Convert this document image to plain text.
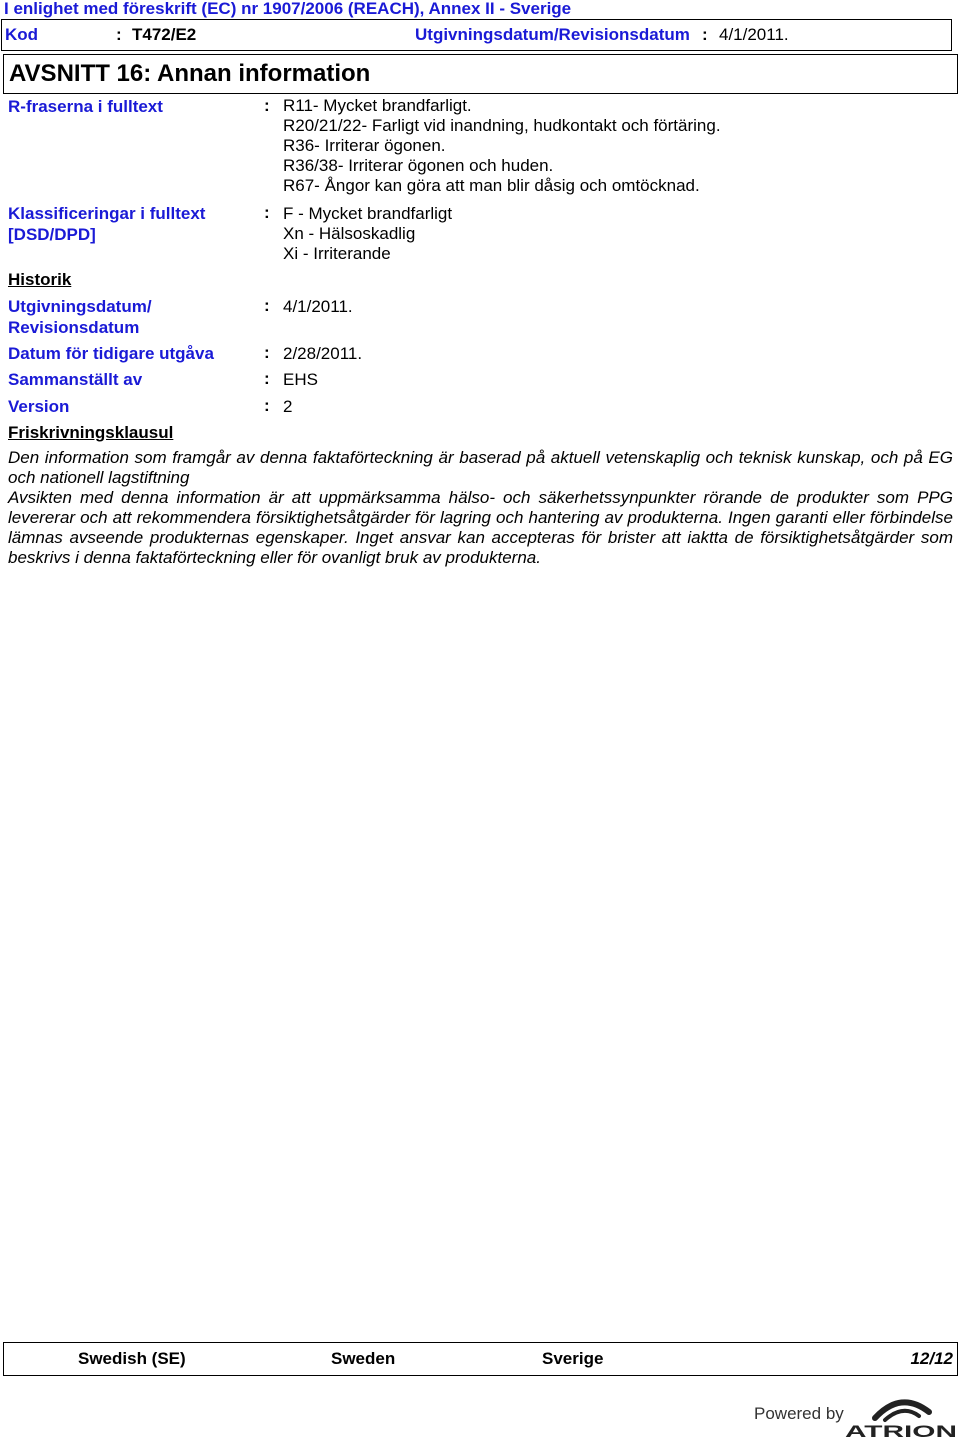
I enlighet med föreskrift (EC) nr 1907/2006 (REACH), Annex II - Sverige
Kod	: T472/E2	Utgivningsdatum/Revisionsdatum : 4/1/2011.
AVSNITT 16: Annan information
R-fraserna i fulltext	: R11- Mycket brandfarligt.
R20/21/22- Farligt vid inandning, hudkontakt och förtäring.
R36- Irriterar ögonen.
R36/38- Irriterar ögonen och huden.
R67- Ångor kan göra att man blir dåsig och omtöcknad.
Klassificeringar i fulltext
[DSD/DPD]
: F - Mycket brandfarligt
Xn - Hälsoskadlig
Xi - Irriterande
Historik
Utgivningsdatum/
Revisionsdatum
: 4/1/2011.
Datum för tidigare utgåva	: 2/28/2011.
Sammanställt av	: EHS
Version	: 2
Friskrivningsklausul
Den information som framgår av denna faktaförteckning är baserad på aktuell vetenskaplig och teknisk kunskap, och på EG och nationell lagstiftning
Avsikten med denna information är att uppmärksamma hälso- och säkerhetssynpunkter rörande de produkter som PPG levererar och att rekommendera försiktighetsåtgärder för lagring och hantering av produkterna. Ingen garanti eller förbindelse lämnas avseende produkternas egenskaper. Inget ansvar kan accepteras för brister att iaktta de försiktighetsåtgärder som beskrivs i denna faktaförteckning eller för ovanligt bruk av produkterna.
Swedish (SE)	Sweden	Sverige	12/12
Powered by
ATRION
